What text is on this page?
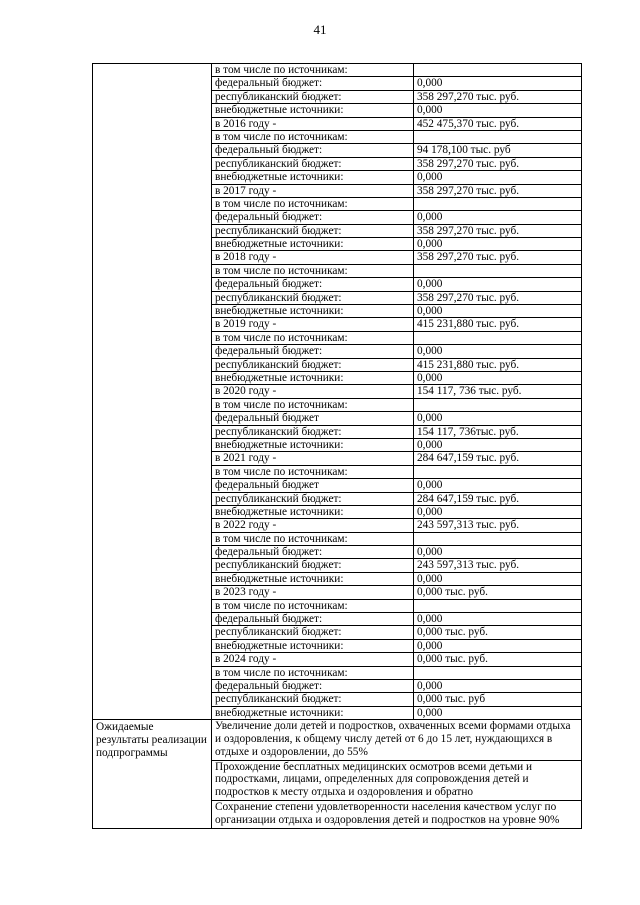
41
	в том числе по источникам:	
	федеральный бюджет:	0,000
	республиканский бюджет:	358 297,270 тыс. руб.
	внебюджетные источники:	0,000
	в 2016 году -	452 475,370 тыс. руб.
	в том числе по источникам:	
	федеральный бюджет:	94 178,100 тыс. руб
	республиканский бюджет:	358 297,270 тыс. руб.
	внебюджетные источники:	0,000
	в 2017 году -	358 297,270 тыс. руб.
	в том числе по источникам:	
	федеральный бюджет:	0,000
	республиканский бюджет:	358 297,270 тыс. руб.
	внебюджетные источники:	0,000
	в 2018 году -	358 297,270 тыс. руб.
	в том числе по источникам:	
	федеральный бюджет:	0,000
	республиканский бюджет:	358 297,270 тыс. руб.
	внебюджетные источники:	0,000
	в 2019 году -	415 231,880 тыс. руб.
	в том числе по источникам:	
	федеральный бюджет:	0,000
	республиканский бюджет:	415 231,880 тыс. руб.
	внебюджетные источники:	0,000
	в 2020 году -	154 117, 736 тыс. руб.
	в том числе по источникам:	
	федеральный бюджет	0,000
	республиканский бюджет:	154 117, 736тыс. руб.
	внебюджетные источники:	0,000
	в 2021 году -	284 647,159 тыс. руб.
	в том числе по источникам:	
	федеральный бюджет	0,000
	республиканский бюджет:	284 647,159 тыс. руб.
	внебюджетные источники:	0,000
	в 2022 году -	243 597,313 тыс. руб.
	в том числе по источникам:	
	федеральный бюджет:	0,000
	республиканский бюджет:	243 597,313 тыс. руб.
	внебюджетные источники:	0,000
	в 2023 году -	0,000 тыс. руб.
	в том числе по источникам:	
	федеральный бюджет:	0,000
	республиканский бюджет:	0,000 тыс. руб.
	внебюджетные источники:	0,000
	в 2024 году -	0,000 тыс. руб.
	в том числе по источникам:	
	федеральный бюджет:	0,000
	республиканский бюджет:	0,000 тыс. руб
	внебюджетные источники:	0,000
Ожидаемые результаты реализации подпрограммы	Увеличение доли детей и подростков, охваченных всеми формами отдыха и оздоровления, к общему числу детей от 6 до 15 лет, нуждающихся в отдыхе и оздоровлении, до 55%	
	Прохождение бесплатных медицинских осмотров всеми детьми и подростками, лицами, определенных для сопровождения детей и подростков к месту отдыха и оздоровления и обратно	
	Сохранение степени удовлетворенности населения качеством услуг по организации отдыха и оздоровления детей и подростков на уровне 90%	
